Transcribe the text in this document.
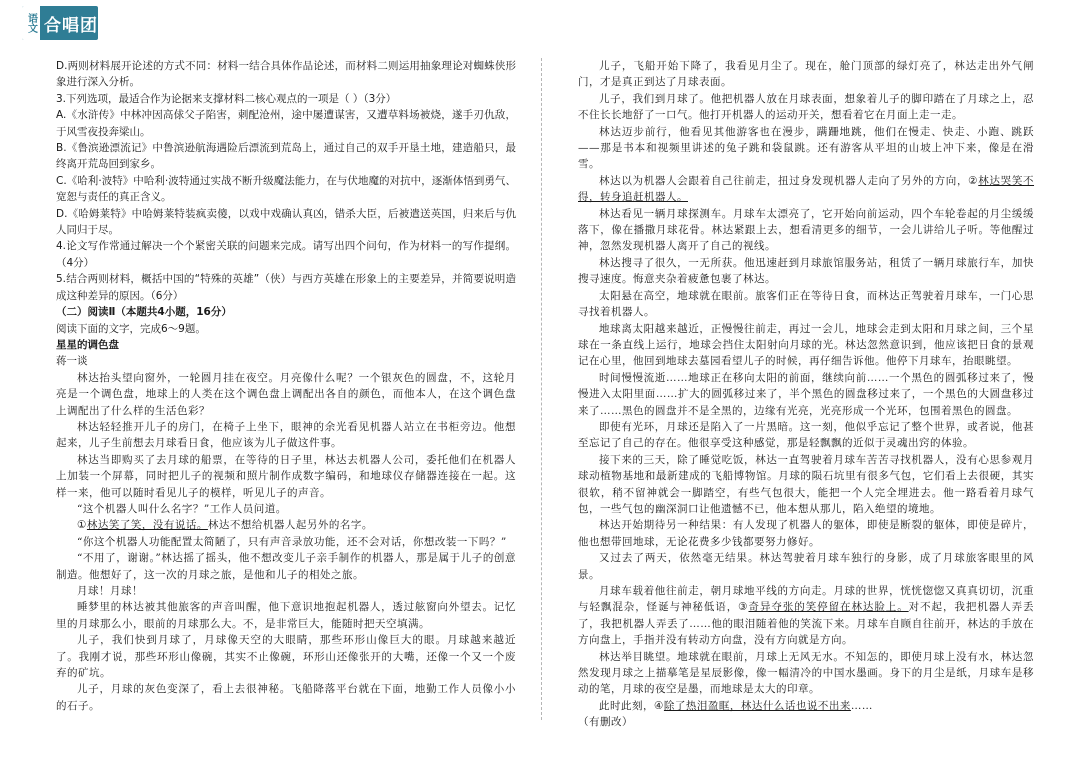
语文 合唱团

D.两则材料展开论述的方式不同：材料一结合具体作品论述，而材料二则运用抽象理论对蜘蛛侠形象进行深入分析。

3.下列选项，最适合作为论据来支撑材料二核心观点的一项是（ ）（3分）

A.《水浒传》中林冲因高俅父子陷害，刺配沧州，途中屡遭谋害，又遭草料场被烧，遂手刃仇敌，于风雪夜投奔梁山。

B.《鲁滨逊漂流记》中鲁滨逊航海遇险后漂流到荒岛上，通过自己的双手开垦土地，建造船只，最终离开荒岛回到家乡。

C.《哈利·波特》中哈利·波特通过实战不断升级魔法能力，在与伏地魔的对抗中，逐渐体悟到勇气、宽恕与责任的真正含义。

D.《哈姆莱特》中哈姆莱特装疯卖傻，以戏中戏确认真凶，错杀大臣，后被遣送英国，归来后与仇人同归于尽。

4.论文写作常通过解决一个个紧密关联的问题来完成。请写出四个问句，作为材料一的写作提纲。（4分）

5.结合两则材料，概括中国的“特殊的英雄”（侠）与西方英雄在形象上的主要差异，并简要说明造成这种差异的原因。（6分）

（二）阅读Ⅱ（本题共4小题，16分）

阅读下面的文字，完成6～9题。

星星的调色盘

蒋一谈

林达抬头望向窗外，一轮圆月挂在夜空。月亮像什么呢？一个银灰色的圆盘，不，这轮月亮是一个调色盘，地球上的人类在这个调色盘上调配出各自的颜色，而他本人，在这个调色盘上调配出了什么样的生活色彩？

林达轻轻推开儿子的房门，在椅子上坐下，眼神的余光看见机器人站立在书柜旁边。他想起来，儿子生前想去月球看日食，他应该为儿子做这件事。

林达当即购买了去月球的船票，在等待的日子里，林达去机器人公司，委托他们在机器人上加装一个屏幕，同时把儿子的视频和照片制作成数字编码，和地球仪存储器连接在一起。这样一来，他可以随时看见儿子的模样，听见儿子的声音。

“这个机器人叫什么名字？”工作人员问道。

①林达笑了笑，没有说话。林达不想给机器人起另外的名字。

“你这个机器人功能配置太简陋了，只有声音录放功能，还不会对话，你想改装一下吗？”

“不用了，谢谢。”林达摇了摇头，他不想改变儿子亲手制作的机器人，那是属于儿子的创意制造。他想好了，这一次的月球之旅，是他和儿子的相处之旅。

月球！月球！

睡梦里的林达被其他旅客的声音叫醒，他下意识地抱起机器人，透过舷窗向外望去。记忆里的月球那么小，眼前的月球那么大。不，是非常巨大，能随时把天空填满。

儿子，我们快到月球了，月球像天空的大眼睛，那些环形山像巨大的眼。月球越来越近了。我刚才说，那些环形山像碗，其实不止像碗，环形山还像张开的大嘴，还像一个又一个废弃的矿坑。

儿子，月球的灰色变深了，看上去很神秘。飞船降落平台就在下面，地勤工作人员像小小的石子。

儿子，飞船开始下降了，我看见月尘了。现在，舱门顶部的绿灯亮了，林达走出外气闸门，才是真正到达了月球表面。

儿子，我们到月球了。他把机器人放在月球表面，想象着儿子的脚印踏在了月球之上，忍不住长长地舒了一口气。他打开机器人的运动开关，想看着它在月面上走一走。

林达迈步前行，他看见其他游客也在漫步，蹒跚地跳，他们在慢走、快走、小跑、跳跃——那是书本和视频里讲述的兔子跳和袋鼠跳。还有游客从平坦的山坡上冲下来，像是在滑雪。

林达以为机器人会跟着自己往前走，扭过身发现机器人走向了另外的方向，②林达哭笑不得，转身追赶机器人。

林达看见一辆月球探测车。月球车太漂亮了，它开始向前运动，四个车轮卷起的月尘缓缓落下，像在播撒月球花骨。林达紧跟上去，想看清更多的细节，一会儿讲给儿子听。等他醒过神，忽然发现机器人离开了自己的视线。

林达搜寻了很久，一无所获。他迅速赶到月球旅馆服务站，租赁了一辆月球旅行车，加快搜寻速度。悔意夹杂着疲惫包裹了林达。

太阳悬在高空，地球就在眼前。旅客们正在等待日食，而林达正驾驶着月球车，一门心思寻找着机器人。

地球离太阳越来越近，正慢慢往前走，再过一会儿，地球会走到太阳和月球之间，三个星球在一条直线上运行，地球会挡住太阳射向月球的光。林达忽然意识到，他应该把日食的景观记在心里，他回到地球去墓园看望儿子的时候，再仔细告诉他。他停下月球车，抬眼眺望。

时间慢慢流逝……地球正在移向太阳的前面，继续向前……一个黑色的圆弧移过来了，慢慢进入太阳里面……扩大的圆弧移过来了，半个黑色的圆盘移过来了，一个黑色的大圆盘移过来了……黑色的圆盘并不是全黑的，边缘有光亮，光亮形成一个光环，包围着黑色的圆盘。

即使有光环，月球还是陷入了一片黑暗。这一刻，他似乎忘记了整个世界，或者说，他甚至忘记了自己的存在。他很享受这种感觉，那是轻飘飘的近似于灵魂出窍的体验。

接下来的三天，除了睡觉吃饭，林达一直驾驶着月球车苦苦寻找机器人，没有心思参观月球动植物基地和最新建成的飞船博物馆。月球的陨石坑里有很多气包，它们看上去很硬，其实很软，稍不留神就会一脚踏空，有些气包很大，能把一个人完全埋进去。他一路看着月球气包，一些气包的幽深洞口让他遗憾不已，他本想从那儿，陷入绝望的境地。

林达开始期待另一种结果：有人发现了机器人的躯体，即使是断裂的躯体，即使是碎片，他也想带回地球，无论花费多少钱都要努力修好。

又过去了两天，依然毫无结果。林达驾驶着月球车独行的身影，成了月球旅客眼里的风景。

月球车载着他往前走，朝月球地平线的方向走。月球的世界，恍恍惚惚又真真切切，沉重与轻飘混杂，怪诞与神秘低语，③奇异夺张的笑停留在林达脸上。对不起，我把机器人弄丢了，我把机器人弄丢了……他的眼泪随着他的笑流下来。月球车自顾自往前开，林达的手放在方向盘上，手指并没有转动方向盘，没有方向就是方向。

林达举目眺望。地球就在眼前，月球上无风无水。不知怎的，即使月球上没有水，林达忽然发现月球之上描摹笔是星辰影像，像一幅清冷的中国水墨画。身下的月尘是纸，月球车是移动的笔，月球的夜空是墨，而地球是太大的印章。

此时此刻，④除了热泪盈眶，林达什么话也说不出来……

（有删改）
